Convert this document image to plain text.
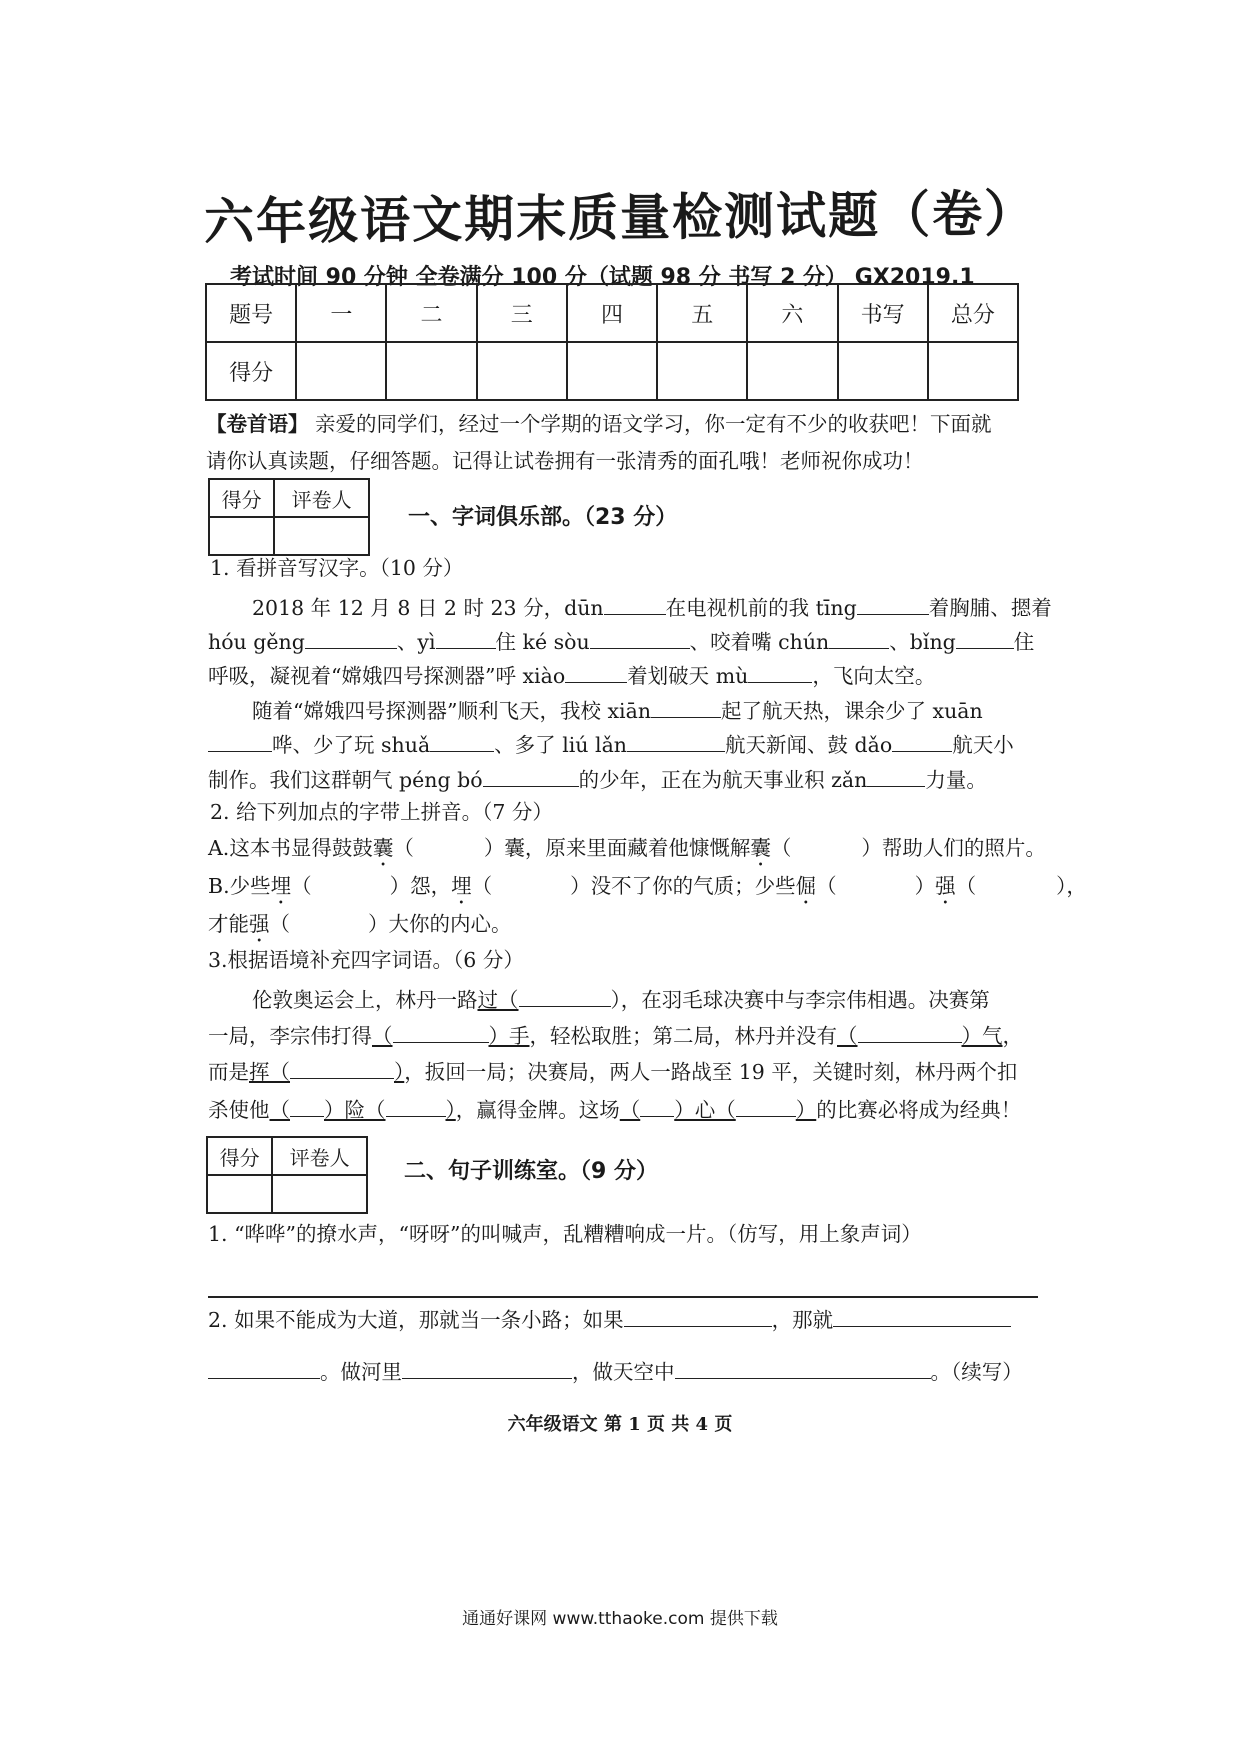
六年级语文期末质量检测试题（卷）
考试时间 90 分钟 全卷满分 100 分（试题 98 分 书写 2 分） GX2019.1
题号	一	二	三	四	五	六	书写	总分
得分								
【卷首语】 亲爱的同学们，经过一个学期的语文学习，你一定有不少的收获吧！下面就
请你认真读题，仔细答题。记得让试卷拥有一张清秀的面孔哦！老师祝你成功！
得分	评卷人

一、字词俱乐部。（23 分）
1. 看拼音写汉字。（10 分）
2018 年 12 月 8 日 2 时 23 分，dūn	在电视机前的我 tīng	着胸脯、摁着
hóu gěng	、yì	住 ké sòu	、咬着嘴 chún	、bǐng	住
呼吸，凝视着“嫦娥四号探测器”呼 xiào	着划破天 mù	，飞向太空。
随着“嫦娥四号探测器”顺利飞天，我校 xiān	起了航天热，课余少了 xuān
哗、少了玩 shuǎ	、多了 liú lǎn	航天新闻、鼓 dǎo	航天小
制作。我们这群朝气 péng bó	的少年，正在为航天事业积 zǎn	力量。
2. 给下列加点的字带上拼音。（7 分）
A.这本书显得鼓鼓囊（	）囊，原来里面藏着他慷慨解囊（	）帮助人们的照片。
B.少些埋（	）怨，埋（	）没不了你的气质；少些倔（	）强（	），
才能强（	）大你的内心。
3.根据语境补充四字词语。（6 分）
伦敦奥运会上，林丹一路过（	），在羽毛球决赛中与李宗伟相遇。决赛第
一局，李宗伟打得（	）手，轻松取胜；第二局，林丹并没有（	）气，
而是挥（	），扳回一局；决赛局，两人一路战至 19 平，关键时刻，林丹两个扣
杀使他（ ）险（	），赢得金牌。这场（ ）心（	）的比赛必将成为经典！
得分	评卷人

二、句子训练室。（9 分）
1. “哗哗”的撩水声，“呀呀”的叫喊声，乱糟糟响成一片。（仿写，用上象声词）
2. 如果不能成为大道，那就当一条小路；如果	，那就
。做河里	，做天空中	。（续写）
六年级语文 第 1 页 共 4 页
通通好课网 www.tthaoke.com 提供下载
